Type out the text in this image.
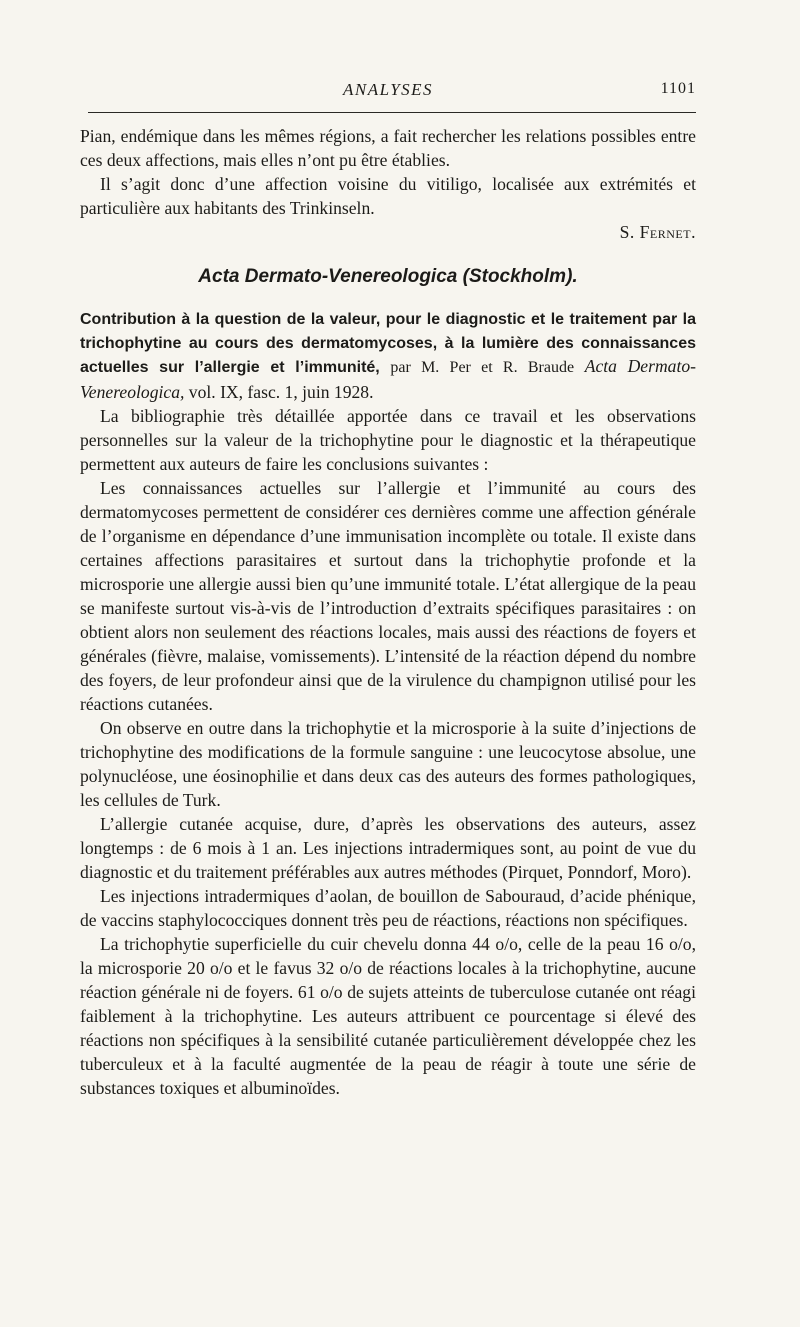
ANALYSES	1101

Pian, endémique dans les mêmes régions, a fait rechercher les relations possibles entre ces deux affections, mais elles n’ont pu être établies.

Il s’agit donc d’une affection voisine du vitiligo, localisée aux extrémités et particulière aux habitants des Trinkinseln.

S. Fernet.

Acta Dermato-Venereologica (Stockholm).
Contribution à la question de la valeur, pour le diagnostic et le traitement par la trichophytine au cours des dermatomycoses, à la lumière des connaissances actuelles sur l’allergie et l’immunité, par M. Per et R. Braude Acta Dermato-Venereologica, vol. IX, fasc. 1, juin 1928.

La bibliographie très détaillée apportée dans ce travail et les observations personnelles sur la valeur de la trichophytine pour le diagnostic et la thérapeutique permettent aux auteurs de faire les conclusions suivantes :

Les connaissances actuelles sur l’allergie et l’immunité au cours des dermatomycoses permettent de considérer ces dernières comme une affection générale de l’organisme en dépendance d’une immunisation incomplète ou totale. Il existe dans certaines affections parasitaires et surtout dans la trichophytie profonde et la microsporie une allergie aussi bien qu’une immunité totale. L’état allergique de la peau se manifeste surtout vis-à-vis de l’introduction d’extraits spécifiques parasitaires : on obtient alors non seulement des réactions locales, mais aussi des réactions de foyers et générales (fièvre, malaise, vomissements). L’intensité de la réaction dépend du nombre des foyers, de leur profondeur ainsi que de la virulence du champignon utilisé pour les réactions cutanées.

On observe en outre dans la trichophytie et la microsporie à la suite d’injections de trichophytine des modifications de la formule sanguine : une leucocytose absolue, une polynucléose, une éosinophilie et dans deux cas des auteurs des formes pathologiques, les cellules de Turk.

L’allergie cutanée acquise, dure, d’après les observations des auteurs, assez longtemps : de 6 mois à 1 an. Les injections intradermiques sont, au point de vue du diagnostic et du traitement préférables aux autres méthodes (Pirquet, Ponndorf, Moro).

Les injections intradermiques d’aolan, de bouillon de Sabouraud, d’acide phénique, de vaccins staphylococciques donnent très peu de réactions, réactions non spécifiques.

La trichophytie superficielle du cuir chevelu donna 44 o/o, celle de la peau 16 o/o, la microsporie 20 o/o et le favus 32 o/o de réactions locales à la trichophytine, aucune réaction générale ni de foyers. 61 o/o de sujets atteints de tuberculose cutanée ont réagi faiblement à la trichophytine. Les auteurs attribuent ce pourcentage si élevé des réactions non spécifiques à la sensibilité cutanée particulièrement développée chez les tuberculeux et à la faculté augmentée de la peau de réagir à toute une série de substances toxiques et albuminoïdes.
